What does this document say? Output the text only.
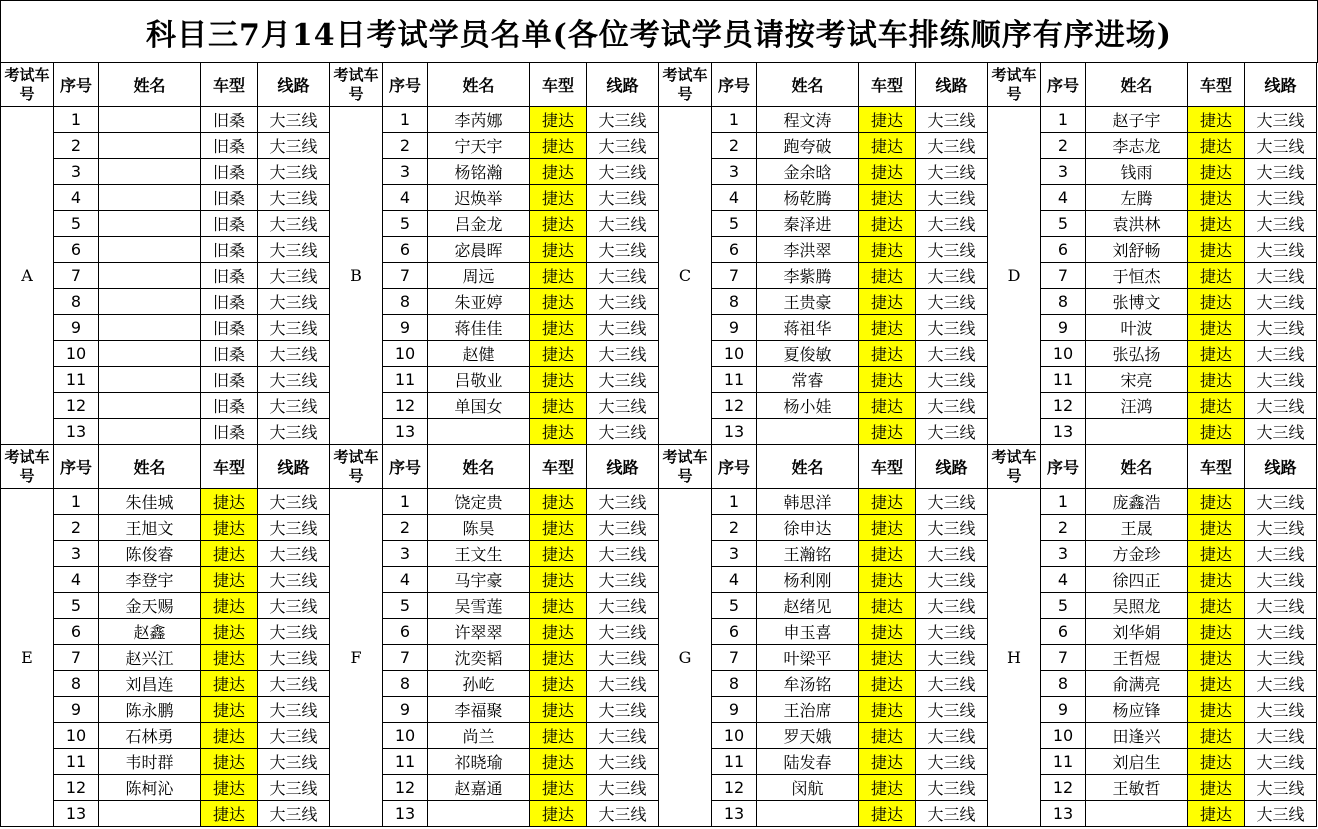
科目三7月14日考试学员名单(各位考试学员请按考试车排练顺序有序进场)
考试车号	序号	姓名	车型	线路	考试车号	序号	姓名	车型	线路	考试车号	序号	姓名	车型	线路	考试车号	序号	姓名	车型	线路
A	1		旧桑	大三线	B	1	李芮娜	捷达	大三线	C	1	程文涛	捷达	大三线	D	1	赵子宇	捷达	大三线
	2		旧桑	大三线		2	宁天宇	捷达	大三线		2	跑夸破	捷达	大三线		2	李志龙	捷达	大三线
	3		旧桑	大三线		3	杨铭瀚	捷达	大三线		3	金余晗	捷达	大三线		3	钱雨	捷达	大三线
	4		旧桑	大三线		4	迟焕举	捷达	大三线		4	杨乾腾	捷达	大三线		4	左腾	捷达	大三线
	5		旧桑	大三线		5	吕金龙	捷达	大三线		5	秦泽进	捷达	大三线		5	袁洪林	捷达	大三线
	6		旧桑	大三线		6	宓晨晖	捷达	大三线		6	李洪翠	捷达	大三线		6	刘舒畅	捷达	大三线
	7		旧桑	大三线		7	周远	捷达	大三线		7	李紫腾	捷达	大三线		7	于恒杰	捷达	大三线
	8		旧桑	大三线		8	朱亚婷	捷达	大三线		8	王贵豪	捷达	大三线		8	张博文	捷达	大三线
	9		旧桑	大三线		9	蒋佳佳	捷达	大三线		9	蒋祖华	捷达	大三线		9	叶波	捷达	大三线
	10		旧桑	大三线		10	赵健	捷达	大三线		10	夏俊敏	捷达	大三线		10	张弘扬	捷达	大三线
	11		旧桑	大三线		11	吕敬业	捷达	大三线		11	常睿	捷达	大三线		11	宋亮	捷达	大三线
	12		旧桑	大三线		12	单国女	捷达	大三线		12	杨小娃	捷达	大三线		12	汪鸿	捷达	大三线
	13		旧桑	大三线		13		捷达	大三线		13		捷达	大三线		13		捷达	大三线
考试车号	序号	姓名	车型	线路	考试车号	序号	姓名	车型	线路	考试车号	序号	姓名	车型	线路	考试车号	序号	姓名	车型	线路
E	1	朱佳城	捷达	大三线	F	1	饶定贵	捷达	大三线	G	1	韩思洋	捷达	大三线	H	1	庞鑫浩	捷达	大三线
	2	王旭文	捷达	大三线		2	陈昊	捷达	大三线		2	徐申达	捷达	大三线		2	王晟	捷达	大三线
	3	陈俊睿	捷达	大三线		3	王文生	捷达	大三线		3	王瀚铭	捷达	大三线		3	方金珍	捷达	大三线
	4	李登宇	捷达	大三线		4	马宇豪	捷达	大三线		4	杨利刚	捷达	大三线		4	徐四正	捷达	大三线
	5	金天赐	捷达	大三线		5	吴雪莲	捷达	大三线		5	赵绪见	捷达	大三线		5	吴照龙	捷达	大三线
	6	赵鑫	捷达	大三线		6	许翠翠	捷达	大三线		6	申玉喜	捷达	大三线		6	刘华娟	捷达	大三线
	7	赵兴江	捷达	大三线		7	沈奕韬	捷达	大三线		7	叶梁平	捷达	大三线		7	王哲煜	捷达	大三线
	8	刘昌连	捷达	大三线		8	孙屹	捷达	大三线		8	牟汤铭	捷达	大三线		8	俞满亮	捷达	大三线
	9	陈永鹏	捷达	大三线		9	李福聚	捷达	大三线		9	王治席	捷达	大三线		9	杨应锋	捷达	大三线
	10	石林勇	捷达	大三线		10	尚兰	捷达	大三线		10	罗天娥	捷达	大三线		10	田逢兴	捷达	大三线
	11	韦时群	捷达	大三线		11	祁晓瑜	捷达	大三线		11	陆发春	捷达	大三线		11	刘启生	捷达	大三线
	12	陈柯沁	捷达	大三线		12	赵嘉通	捷达	大三线		12	闵航	捷达	大三线		12	王敏哲	捷达	大三线
	13		捷达	大三线		13		捷达	大三线		13		捷达	大三线		13		捷达	大三线
